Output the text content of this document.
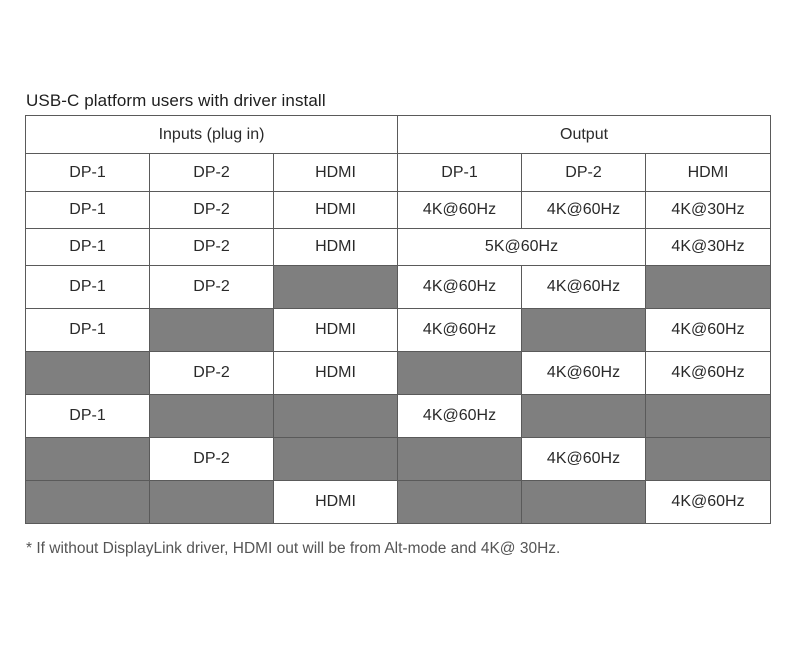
USB-C platform users with driver install
Inputs (plug in)			Output		
DP-1	DP-2	HDMI	DP-1	DP-2	HDMI
DP-1	DP-2	HDMI	4K@60Hz	4K@60Hz	4K@30Hz
DP-1	DP-2	HDMI	5K@60Hz		4K@30Hz
DP-1	DP-2		4K@60Hz	4K@60Hz	
DP-1		HDMI	4K@60Hz		4K@60Hz
	DP-2	HDMI		4K@60Hz	4K@60Hz
DP-1			4K@60Hz		
	DP-2			4K@60Hz	
		HDMI			4K@60Hz
* If without DisplayLink driver, HDMI out will be from Alt-mode and 4K@ 30Hz.
